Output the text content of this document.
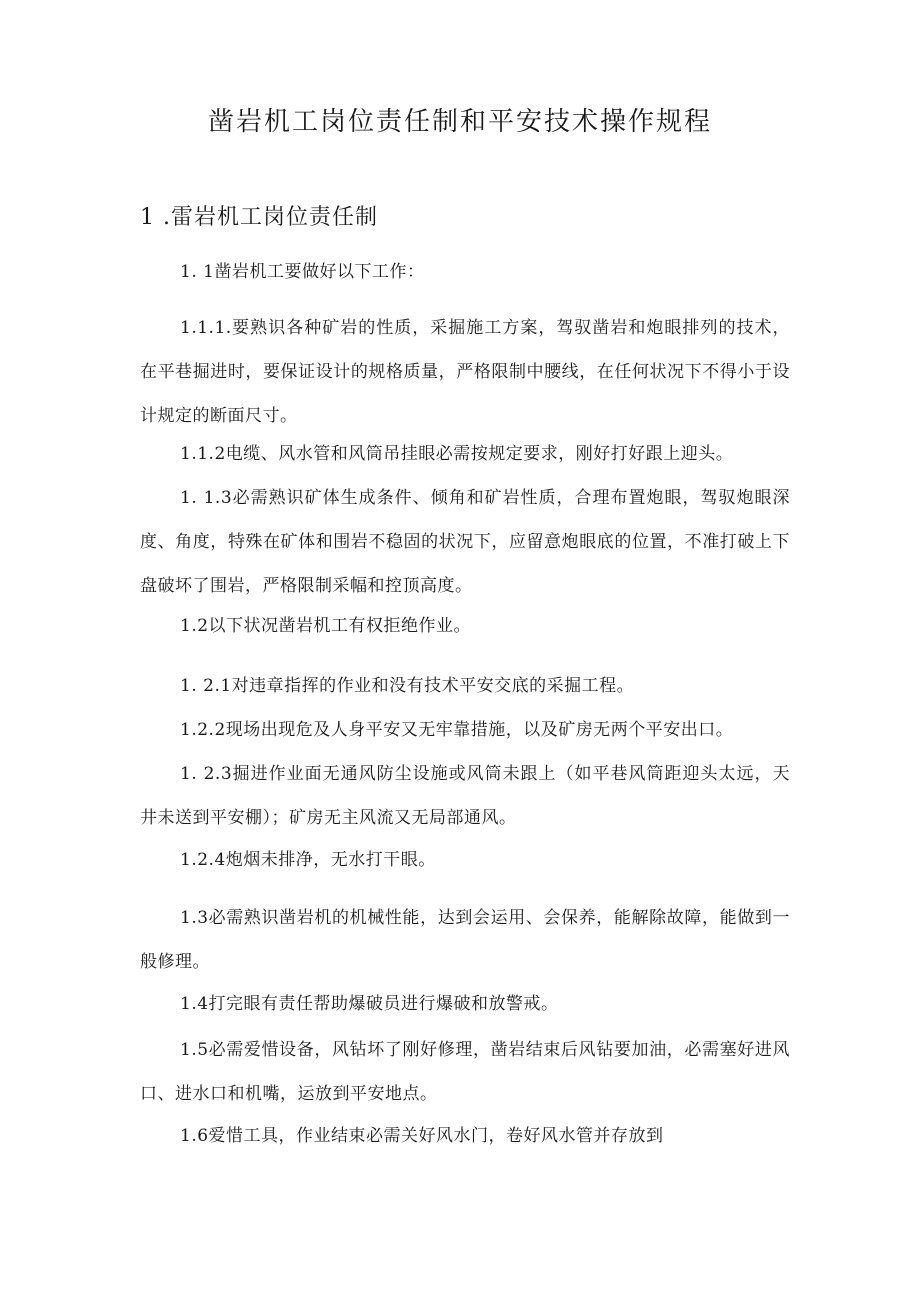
凿岩机工岗位责任制和平安技术操作规程
1 .雷岩机工岗位责任制
1. 1凿岩机工要做好以下工作：
1.1.1.要熟识各种矿岩的性质，采掘施工方案，驾驭凿岩和炮眼排列的技术，在平巷掘进时，要保证设计的规格质量，严格限制中腰线，在任何状况下不得小于设计规定的断面尺寸。
1.1.2电缆、风水管和风筒吊挂眼必需按规定要求，刚好打好跟上迎头。
1. 1.3必需熟识矿体生成条件、倾角和矿岩性质，合理布置炮眼，驾驭炮眼深度、角度，特殊在矿体和围岩不稳固的状况下，应留意炮眼底的位置，不准打破上下盘破坏了围岩，严格限制采幅和控顶高度。
1.2以下状况凿岩机工有权拒绝作业。
1. 2.1对违章指挥的作业和没有技术平安交底的采掘工程。
1.2.2现场出现危及人身平安又无牢靠措施，以及矿房无两个平安出口。
1. 2.3掘进作业面无通风防尘设施或风筒未跟上（如平巷风筒距迎头太远，天井未送到平安棚）；矿房无主风流又无局部通风。
1.2.4炮烟未排净，无水打干眼。
1.3必需熟识凿岩机的机械性能，达到会运用、会保养，能解除故障，能做到一般修理。
1.4打完眼有责任帮助爆破员进行爆破和放警戒。
1.5必需爱惜设备，风钻坏了刚好修理，凿岩结束后风钻要加油，必需塞好进风口、进水口和机嘴，运放到平安地点。
1.6爱惜工具，作业结束必需关好风水门，卷好风水管并存放到
